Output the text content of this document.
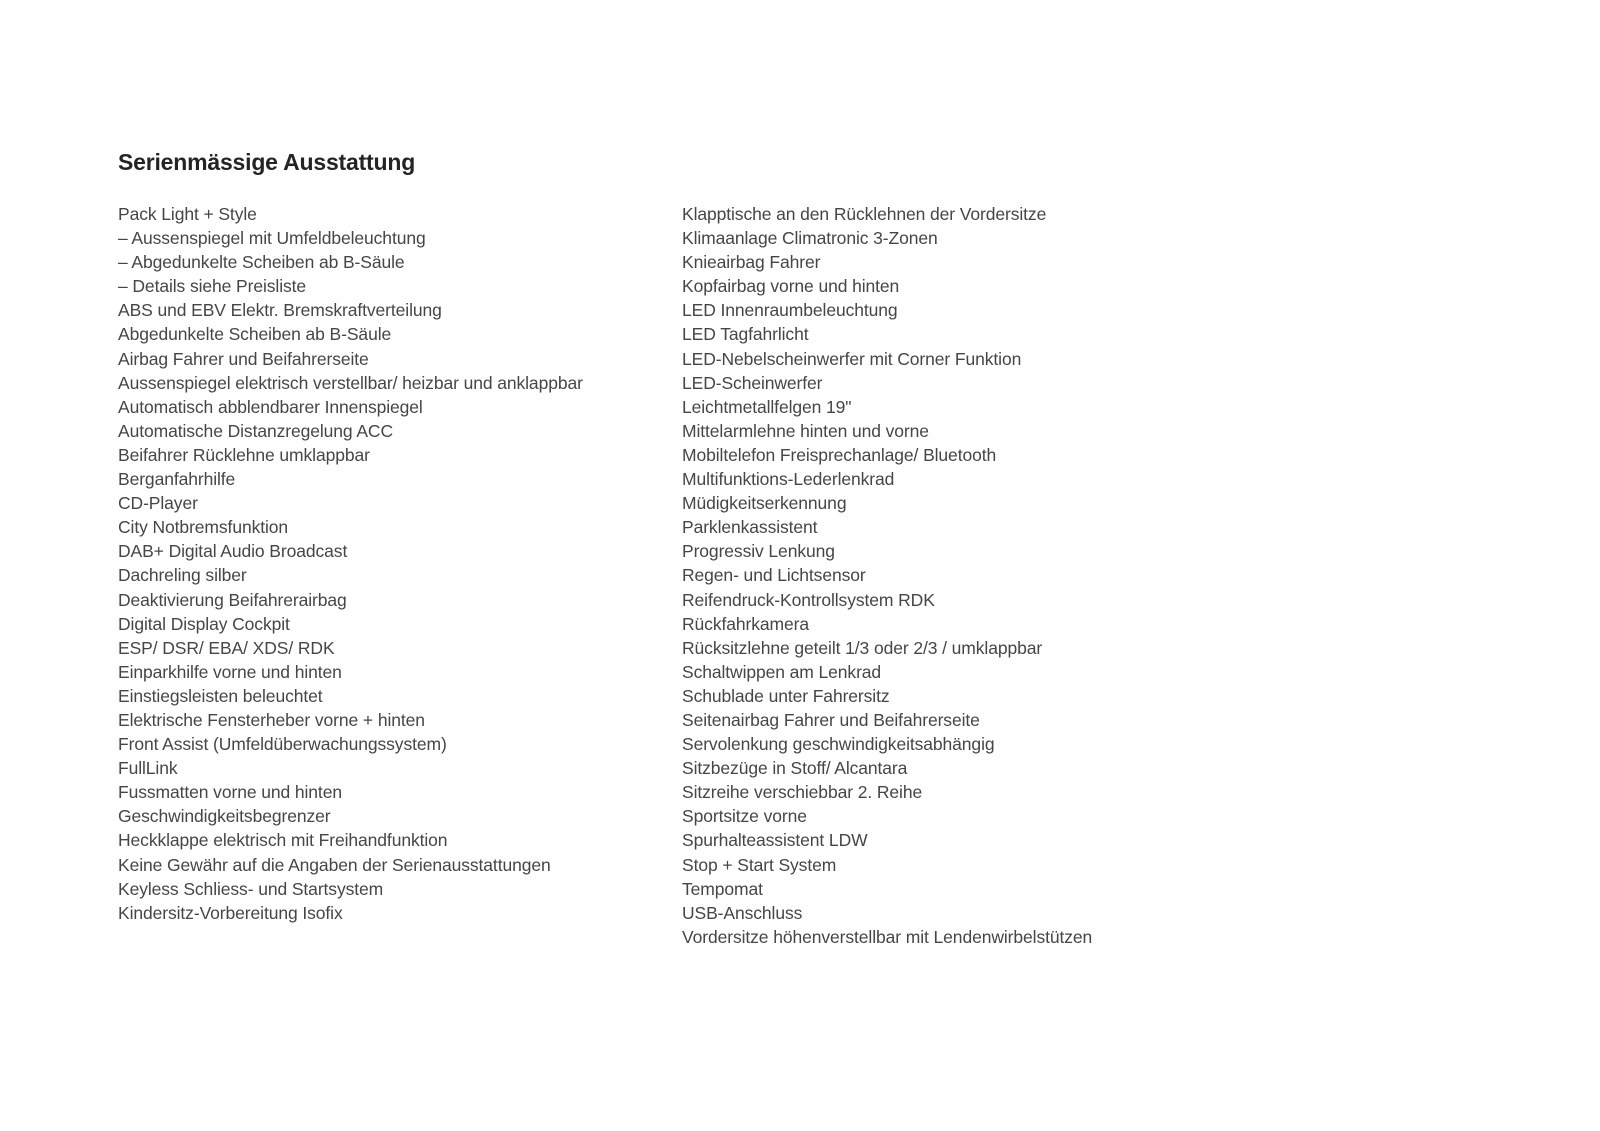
Serienmässige Ausstattung
Pack Light + Style
– Aussenspiegel mit Umfeldbeleuchtung
– Abgedunkelte Scheiben ab B-Säule
– Details siehe Preisliste
ABS und EBV Elektr. Bremskraftverteilung
Abgedunkelte Scheiben ab B-Säule
Airbag Fahrer und Beifahrerseite
Aussenspiegel elektrisch verstellbar/ heizbar und anklappbar
Automatisch abblendbarer Innenspiegel
Automatische Distanzregelung ACC
Beifahrer Rücklehne umklappbar
Berganfahrhilfe
CD-Player
City Notbremsfunktion
DAB+ Digital Audio Broadcast
Dachreling silber
Deaktivierung Beifahrerairbag
Digital Display Cockpit
ESP/ DSR/ EBA/ XDS/ RDK
Einparkhilfe vorne und hinten
Einstiegsleisten beleuchtet
Elektrische Fensterheber vorne + hinten
Front Assist (Umfeldüberwachungssystem)
FullLink
Fussmatten vorne und hinten
Geschwindigkeitsbegrenzer
Heckklappe elektrisch mit Freihandfunktion
Keine Gewähr auf die Angaben der Serienausstattungen
Keyless Schliess- und Startsystem
Kindersitz-Vorbereitung Isofix
Klapptische an den Rücklehnen der Vordersitze
Klimaanlage Climatronic 3-Zonen
Knieairbag Fahrer
Kopfairbag vorne und hinten
LED Innenraumbeleuchtung
LED Tagfahrlicht
LED-Nebelscheinwerfer mit Corner Funktion
LED-Scheinwerfer
Leichtmetallfelgen 19"
Mittelarmlehne hinten und vorne
Mobiltelefon Freisprechanlage/ Bluetooth
Multifunktions-Lederlenkrad
Müdigkeitserkennung
Parklenkassistent
Progressiv Lenkung
Regen- und Lichtsensor
Reifendruck-Kontrollsystem RDK
Rückfahrkamera
Rücksitzlehne geteilt 1/3 oder 2/3 / umklappbar
Schaltwippen am Lenkrad
Schublade unter Fahrersitz
Seitenairbag Fahrer und Beifahrerseite
Servolenkung geschwindigkeitsabhängig
Sitzbezüge in Stoff/ Alcantara
Sitzreihe verschiebbar 2. Reihe
Sportsitze vorne
Spurhalteassistent LDW
Stop + Start System
Tempomat
USB-Anschluss
Vordersitze höhenverstellbar mit Lendenwirbelstützen
